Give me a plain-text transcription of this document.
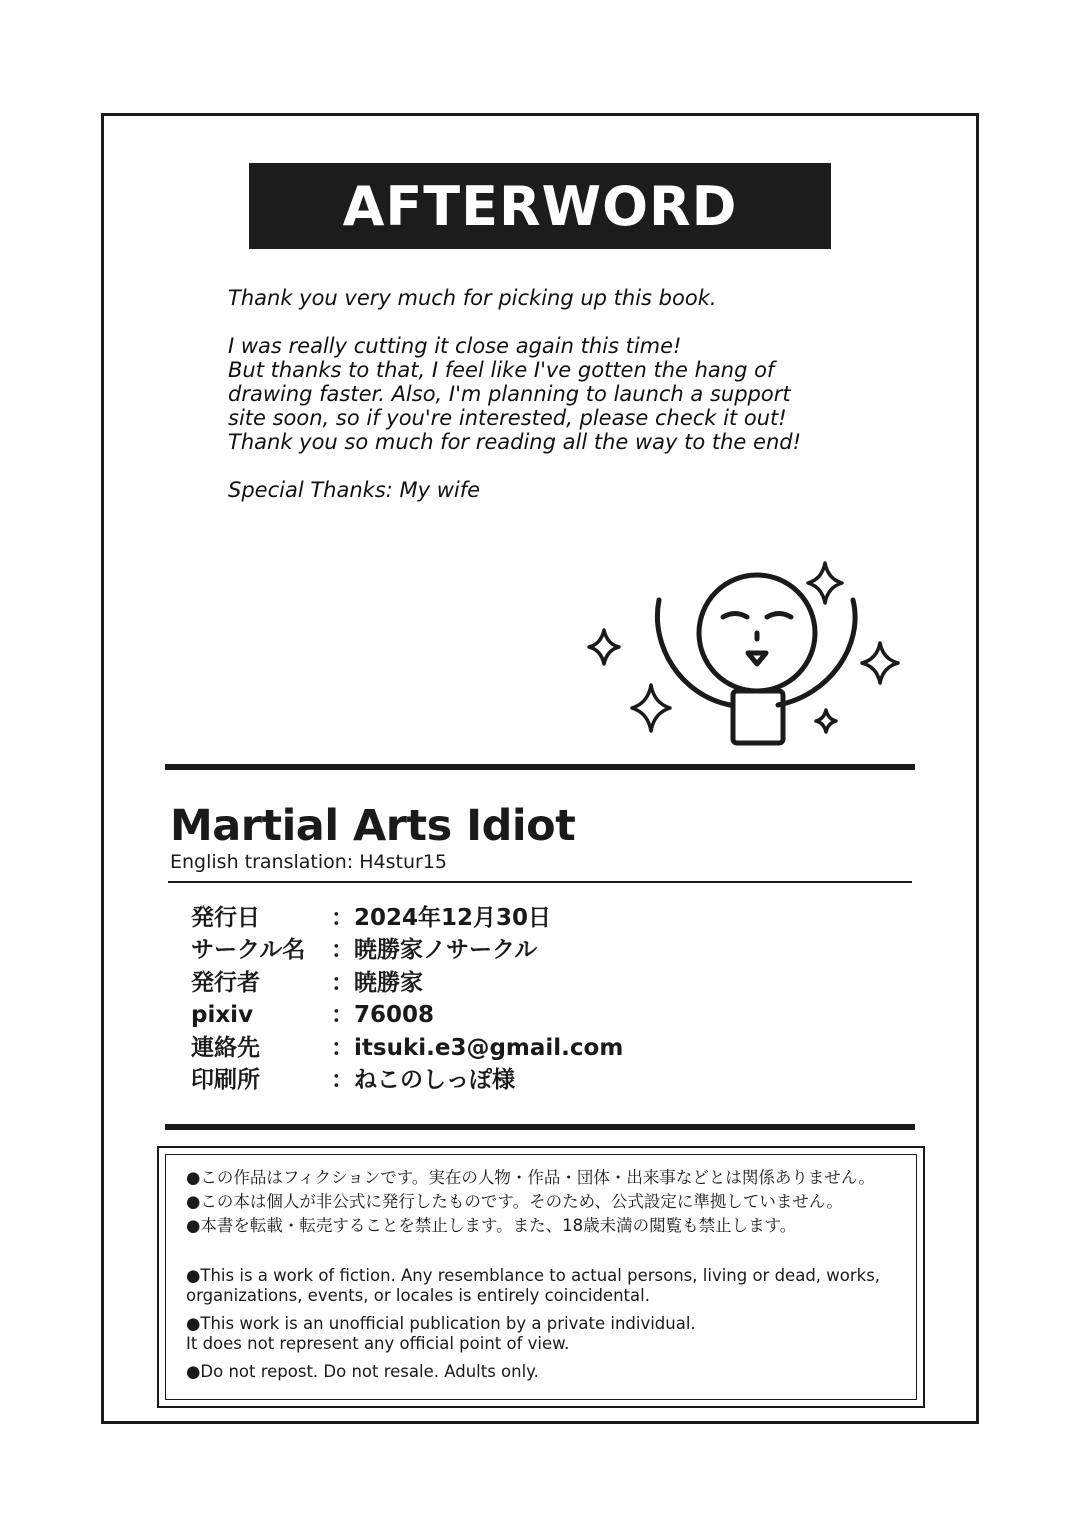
AFTERWORD
Thank you very much for picking up this book.
I was really cutting it close again this time!
But thanks to that, I feel like I've gotten the hang of
drawing faster. Also, I'm planning to launch a support
site soon, so if you're interested, please check it out!
Thank you so much for reading all the way to the end!
Special Thanks: My wife
Martial Arts Idiot
English translation: H4stur15
発行日	：2024年12月30日
サークル名 ：暁勝家ノサークル
発行者	：暁勝家
pixiv	：76008
連絡先	：itsuki.e3@gmail.com
印刷所	：ねこのしっぽ様
●この作品はフィクションです。実在の人物・作品・団体・出来事などとは関係ありません。
●この本は個人が非公式に発行したものです。そのため、公式設定に準拠していません。
●本書を転載・転売することを禁止します。また、18歳未満の閲覧も禁止します。
●This is a work of fiction. Any resemblance to actual persons, living or dead, works,
organizations, events, or locales is entirely coincidental.
●This work is an unofficial publication by a private individual.
It does not represent any official point of view.
●Do not repost. Do not resale. Adults only.
